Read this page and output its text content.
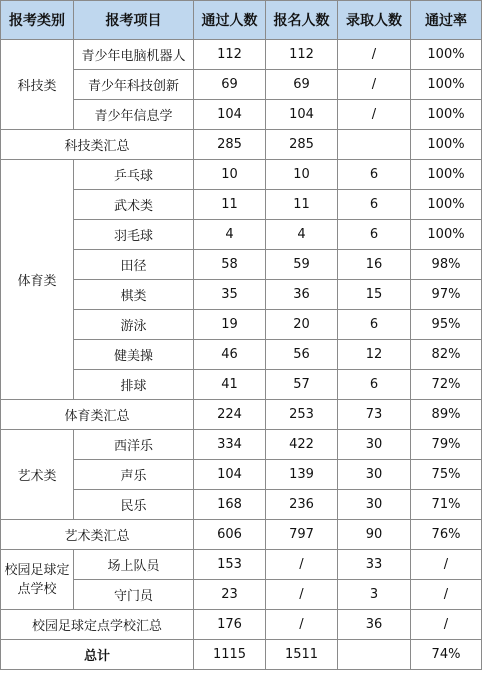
报考类别	报考项目	通过人数	报名人数	录取人数	通过率
科技类	青少年电脑机器人	112	112	/	100%
	青少年科技创新	69	69	/	100%
	青少年信息学	104	104	/	100%
科技类汇总		285	285		100%
体育类	乒乓球	10	10	6	100%
	武术类	11	11	6	100%
	羽毛球	4	4	6	100%
	田径	58	59	16	98%
	棋类	35	36	15	97%
	游泳	19	20	6	95%
	健美操	46	56	12	82%
	排球	41	57	6	72%
体育类汇总		224	253	73	89%
艺术类	西洋乐	334	422	30	79%
	声乐	104	139	30	75%
	民乐	168	236	30	71%
艺术类汇总		606	797	90	76%
校园足球定点学校	场上队员	153	/	33	/
	守门员	23	/	3	/
校园足球定点学校汇总		176	/	36	/
总计		1115	1511		74%
